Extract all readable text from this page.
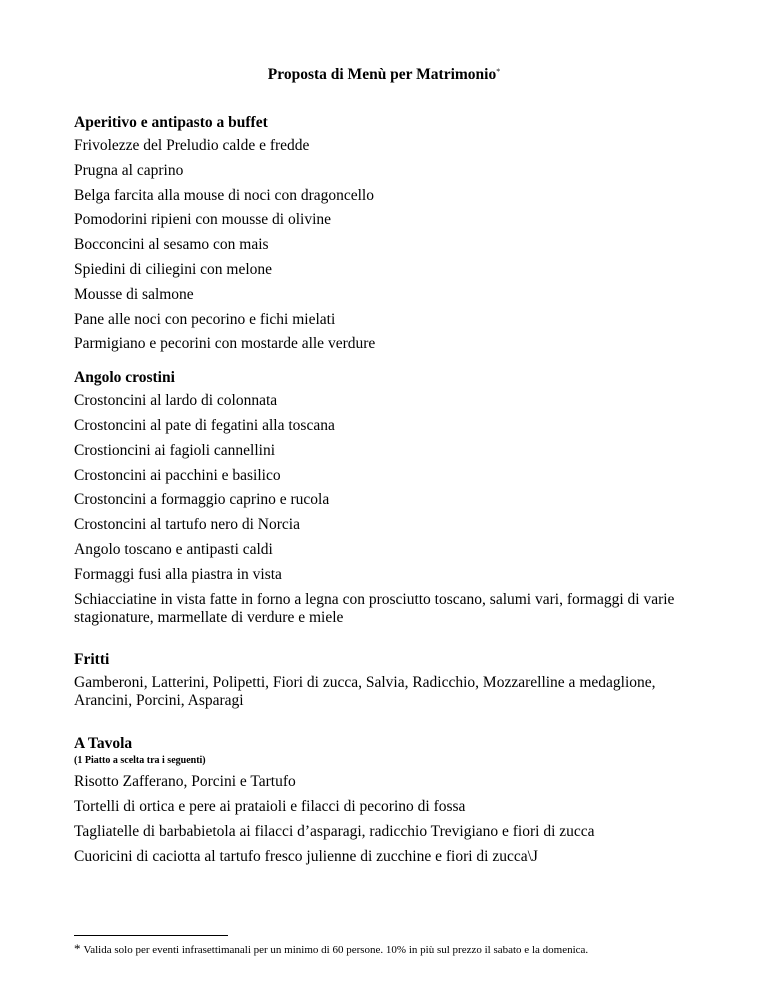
Proposta di Menù per Matrimonio*
Aperitivo e antipasto a buffet
Frivolezze del Preludio calde e fredde
Prugna al caprino
Belga farcita alla mouse di noci con dragoncello
Pomodorini ripieni con mousse di olivine
Bocconcini al sesamo con mais
Spiedini di ciliegini con melone
Mousse di salmone
Pane alle noci con pecorino e fichi mielati
Parmigiano e pecorini con mostarde alle verdure
Angolo crostini
Crostoncini al lardo di colonnata
Crostoncini al pate di fegatini alla toscana
Crostioncini ai fagioli cannellini
Crostoncini ai pacchini e basilico
Crostoncini a formaggio caprino e rucola
Crostoncini al tartufo nero di Norcia
Angolo toscano e antipasti caldi
Formaggi fusi alla piastra in vista
Schiacciatine in vista fatte in forno a legna con prosciutto toscano, salumi vari, formaggi di varie stagionature, marmellate di verdure e miele
Fritti
Gamberoni, Latterini, Polipetti, Fiori di zucca, Salvia, Radicchio, Mozzarelline a medaglione, Arancini, Porcini, Asparagi
A Tavola
(1 Piatto a scelta tra i seguenti)
Risotto Zafferano, Porcini e Tartufo
Tortelli di ortica e pere ai prataioli e filacci di pecorino di fossa
Tagliatelle di barbabietola ai filacci d’asparagi, radicchio Trevigiano e fiori di zucca
Cuoricini di caciotta al tartufo fresco julienne di zucchine e fiori di zucca\J
* Valida solo per eventi infrasettimanali per un minimo di 60 persone. 10% in più sul prezzo il sabato e la domenica.
